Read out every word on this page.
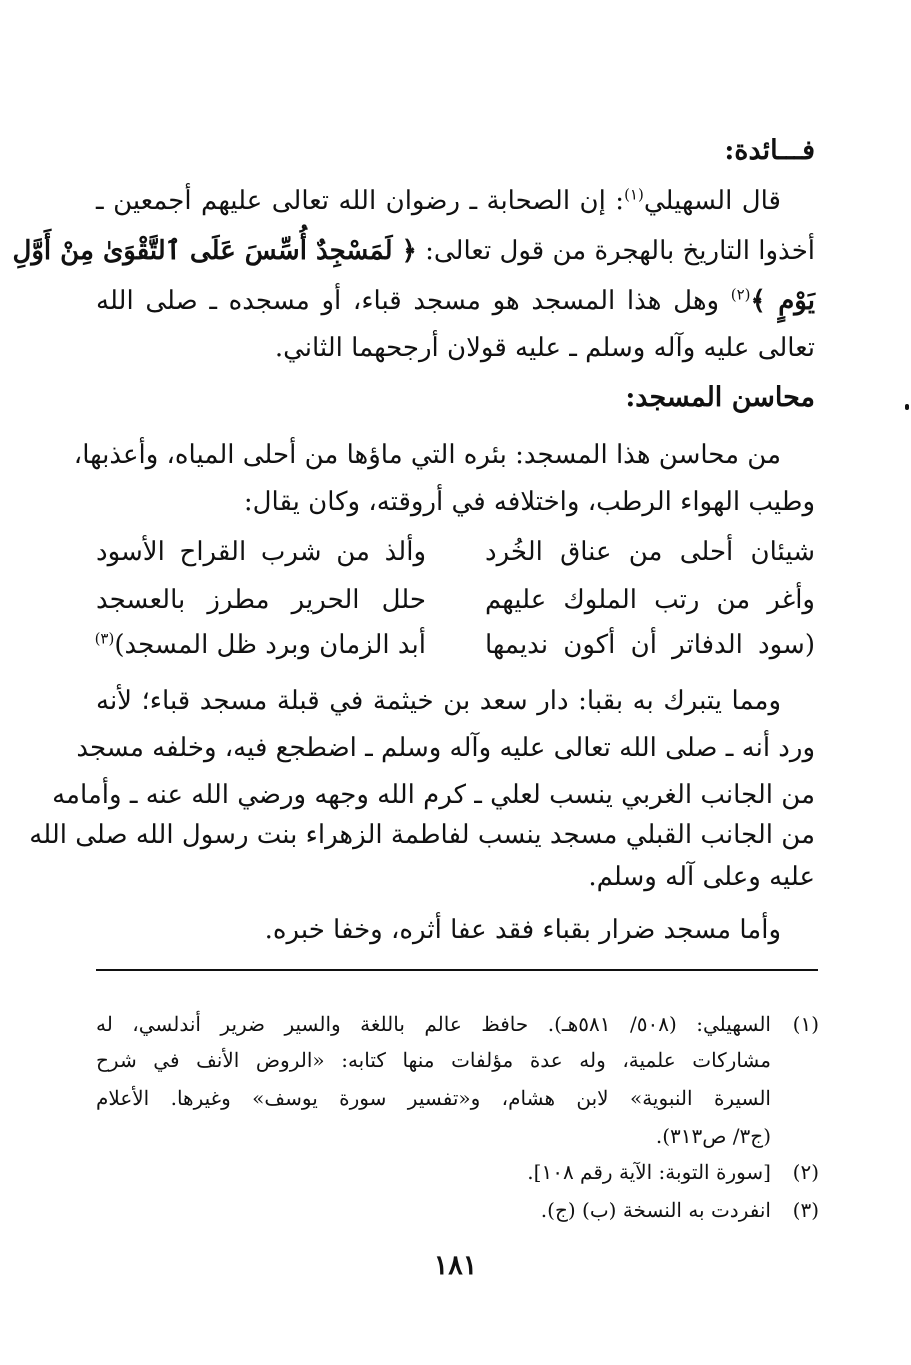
فـــائدة:
قال السهيلي$^{(١)}$: إن الصحابة ـ رضوان الله تعالى عليهم أجمعين ـ
أخذوا التاريخ بالهجرة من قول تعالى: ﴿ لَمَسْجِدٌ أُسِّسَ عَلَى ٱلتَّقْوَىٰ مِنْ أَوَّلِ
يَوْمٍ ﴾$^{(٢)}$ وهل هذا المسجد هو مسجد قباء، أو مسجده ـ صلى الله
تعالى عليه وآله وسلم ـ عليه قولان أرجحهما الثاني.
محاسن المسجد:
من محاسن هذا المسجد: بئره التي ماؤها من أحلى المياه، وأعذبها،
وطيب الهواء الرطب، واختلافه في أروقته، وكان يقال:
شيئان أحلى من عناق الخُرد
وألذ من شرب القراح الأسود
وأغر من رتب الملوك عليهم
حلل الحرير مطرز بالعسجد
(سود الدفاتر أن أكون نديمها
أبد الزمان وبرد ظل المسجد)$^{(٣)}$
ومما يتبرك به بقبا: دار سعد بن خيثمة في قبلة مسجد قباء؛ لأنه
ورد أنه ـ صلى الله تعالى عليه وآله وسلم ـ اضطجع فيه، وخلفه مسجد
من الجانب الغربي ينسب لعلي ـ كرم الله وجهه ورضي الله عنه ـ وأمامه
من الجانب القبلي مسجد ينسب لفاطمة الزهراء بنت رسول الله صلى الله
عليه وعلى آله وسلم.
وأما مسجد ضرار بقباء فقد عفا أثره، وخفا خبره.
(١)
السهيلي: (٥٠٨/ ٥٨١هـ). حافظ عالم باللغة والسير ضرير أندلسي، له
مشاركات علمية، وله عدة مؤلفات منها كتابه: «الروض الأنف في شرح
السيرة النبوية» لابن هشام، و«تفسير سورة يوسف» وغيرها. الأعلام
(ج٣/ ص٣١٣).
(٢)
[سورة التوبة: الآية رقم ١٠٨].
(٣)
انفردت به النسخة (ب) (ج).
١٨١
